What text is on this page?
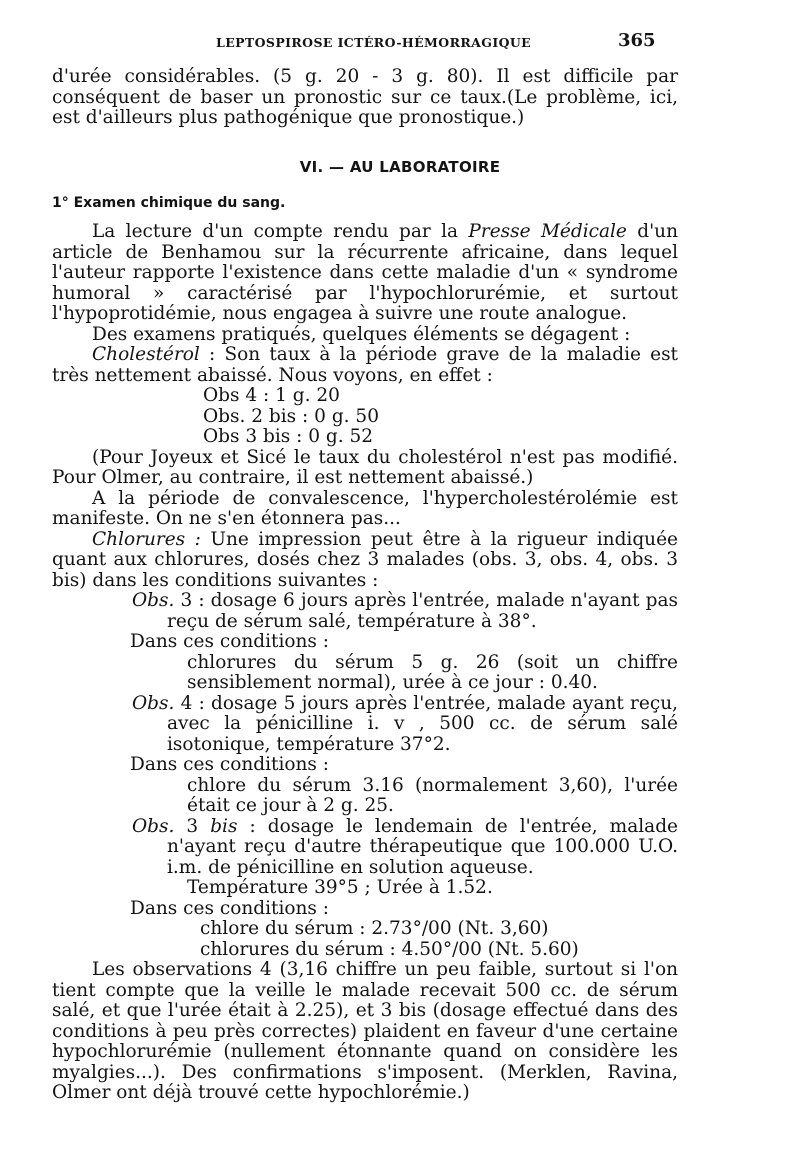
LEPTOSPIROSE ICTÉRO-HÉMORRAGIQUE	365

d'urée considérables. (5 g. 20 - 3 g. 80). Il est difficile par conséquent de baser un pronostic sur ce taux.(Le problème, ici, est d'ailleurs plus pathogénique que pronostique.)

VI. — AU LABORATOIRE
1° Examen chimique du sang.

La lecture d'un compte rendu par la Presse Médicale d'un article de Benhamou sur la récurrente africaine, dans lequel l'auteur rapporte l'existence dans cette maladie d'un « syndrome humoral » caractérisé par l'hypochlorurémie, et surtout l'hypoprotidémie, nous engagea à suivre une route analogue.

Des examens pratiqués, quelques éléments se dégagent :

Cholestérol : Son taux à la période grave de la maladie est très nettement abaissé. Nous voyons, en effet :

Obs 4 : 1 g. 20
Obs. 2 bis : 0 g. 50
Obs 3 bis : 0 g. 52

(Pour Joyeux et Sicé le taux du cholestérol n'est pas modifié. Pour Olmer, au contraire, il est nettement abaissé.)

A la période de convalescence, l'hypercholestérolémie est manifeste. On ne s'en étonnera pas...

Chlorures : Une impression peut être à la rigueur indiquée quant aux chlorures, dosés chez 3 malades (obs. 3, obs. 4, obs. 3 bis) dans les conditions suivantes :

Obs. 3 : dosage 6 jours après l'entrée, malade n'ayant pas reçu de sérum salé, température à 38°.
Dans ces conditions :
chlorures du sérum 5 g. 26 (soit un chiffre sensiblement normal), urée à ce jour : 0.40.
Obs. 4 : dosage 5 jours après l'entrée, malade ayant reçu, avec la pénicilline i. v , 500 cc. de sérum salé isotonique, température 37°2.
Dans ces conditions :
chlore du sérum 3.16 (normalement 3,60), l'urée était ce jour à 2 g. 25.
Obs. 3 bis : dosage le lendemain de l'entrée, malade n'ayant reçu d'autre thérapeutique que 100.000 U.O. i.m. de pénicilline en solution aqueuse.
Température 39°5 ; Urée à 1.52.
Dans ces conditions :
chlore du sérum : 2.73°/00 (Nt. 3,60)
chlorures du sérum : 4.50°/00 (Nt. 5.60)

Les observations 4 (3,16 chiffre un peu faible, surtout si l'on tient compte que la veille le malade recevait 500 cc. de sérum salé, et que l'urée était à 2.25), et 3 bis (dosage effectué dans des conditions à peu près correctes) plaident en faveur d'une certaine hypochlorurémie (nullement étonnante quand on considère les myalgies...). Des confirmations s'imposent. (Merklen, Ravina, Olmer ont déjà trouvé cette hypochlorémie.)
